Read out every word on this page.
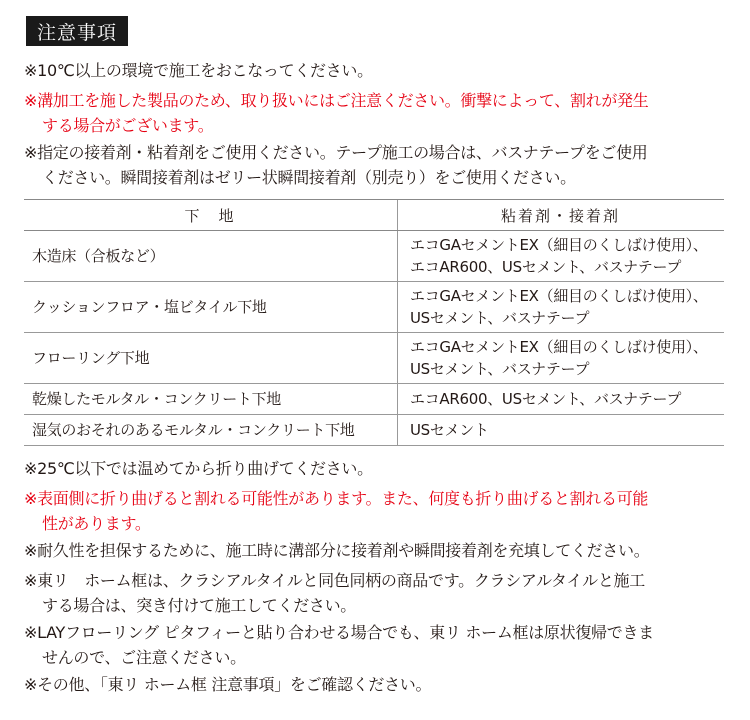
注意事項
※10℃以上の環境で施工をおこなってください。
※溝加工を施した製品のため、取り扱いにはご注意ください。衝撃によって、割れが発生
する場合がございます。
※指定の接着剤・粘着剤をご使用ください。テープ施工の場合は、バスナテープをご使用
ください。瞬間接着剤はゼリー状瞬間接着剤（別売り）をご使用ください。
下　地	粘着剤・接着剤
木造床（合板など）	エコGAセメントEX（細目のくしばけ使用）、
エコAR600、USセメント、バスナテープ

クッションフロア・塩ビタイル下地	エコGAセメントEX（細目のくしばけ使用）、
USセメント、バスナテープ

フローリング下地	エコGAセメントEX（細目のくしばけ使用）、
USセメント、バスナテープ

乾燥したモルタル・コンクリート下地	エコAR600、USセメント、バスナテープ

湿気のおそれのあるモルタル・コンクリート下地	USセメント
※25℃以下では温めてから折り曲げてください。
※表面側に折り曲げると割れる可能性があります。また、何度も折り曲げると割れる可能
性があります。
※耐久性を担保するために、施工時に溝部分に接着剤や瞬間接着剤を充填してください。
※東リ　ホーム框は、クラシアルタイルと同色同柄の商品です。クラシアルタイルと施工
する場合は、突き付けて施工してください。
※LAYフローリング ピタフィーと貼り合わせる場合でも、東リ ホーム框は原状復帰できま
せんので、ご注意ください。
※その他、「東リ ホーム框 注意事項」をご確認ください。
